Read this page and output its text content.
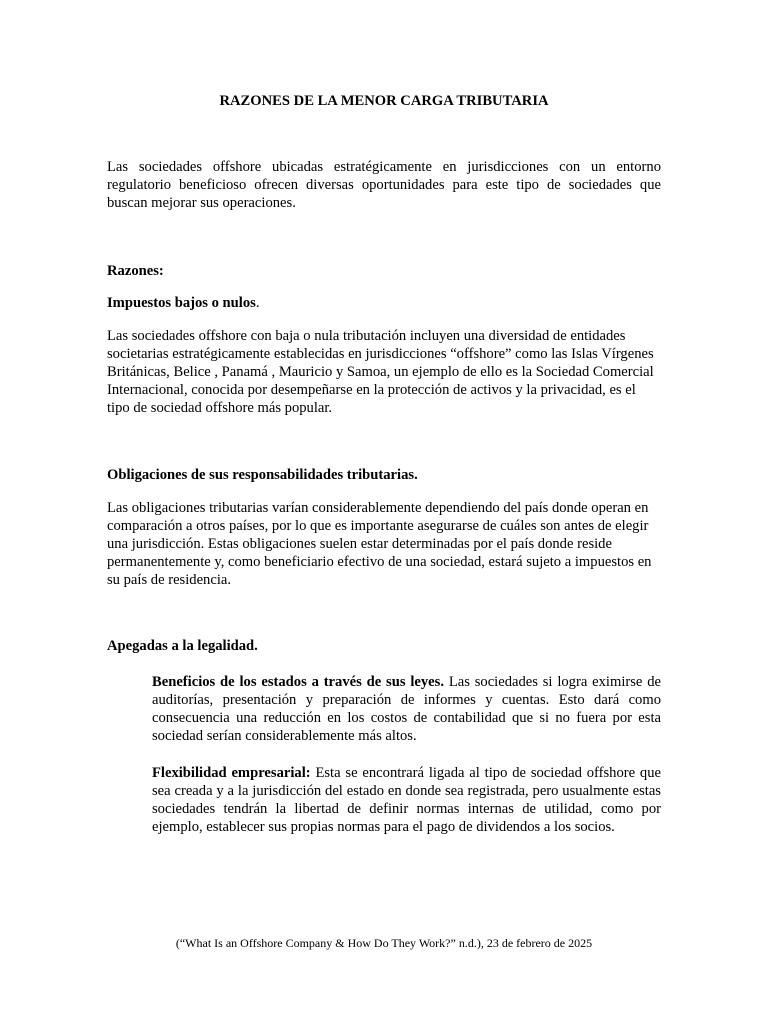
RAZONES DE LA MENOR CARGA TRIBUTARIA

Las sociedades offshore ubicadas estratégicamente en jurisdicciones con un entorno regulatorio beneficioso ofrecen diversas oportunidades para este tipo de sociedades que buscan mejorar sus operaciones.

Razones:

Impuestos bajos o nulos.

Las sociedades offshore con baja o nula tributación incluyen una diversidad de entidades societarias estratégicamente establecidas en jurisdicciones “offshore” como las Islas Vírgenes Británicas, Belice , Panamá , Mauricio y Samoa, un ejemplo de ello es la Sociedad Comercial Internacional, conocida por desempeñarse en la protección de activos y la privacidad, es el tipo de sociedad offshore más popular.

Obligaciones de sus responsabilidades tributarias.

Las obligaciones tributarias varían considerablemente dependiendo del país donde operan en comparación a otros países, por lo que es importante asegurarse de cuáles son antes de elegir una jurisdicción. Estas obligaciones suelen estar determinadas por el país donde reside permanentemente y, como beneficiario efectivo de una sociedad, estará sujeto a impuestos en su país de residencia.

Apegadas a la legalidad.

Beneficios de los estados a través de sus leyes. Las sociedades si logra eximirse de auditorías, presentación y preparación de informes y cuentas. Esto dará como consecuencia una reducción en los costos de contabilidad que si no fuera por esta sociedad serían considerablemente más altos.

Flexibilidad empresarial: Esta se encontrará ligada al tipo de sociedad offshore que sea creada y a la jurisdicción del estado en donde sea registrada, pero usualmente estas sociedades tendrán la libertad de definir normas internas de utilidad, como por ejemplo, establecer sus propias normas para el pago de dividendos a los socios.

(“What Is an Offshore Company & How Do They Work?” n.d.), 23 de febrero de 2025
